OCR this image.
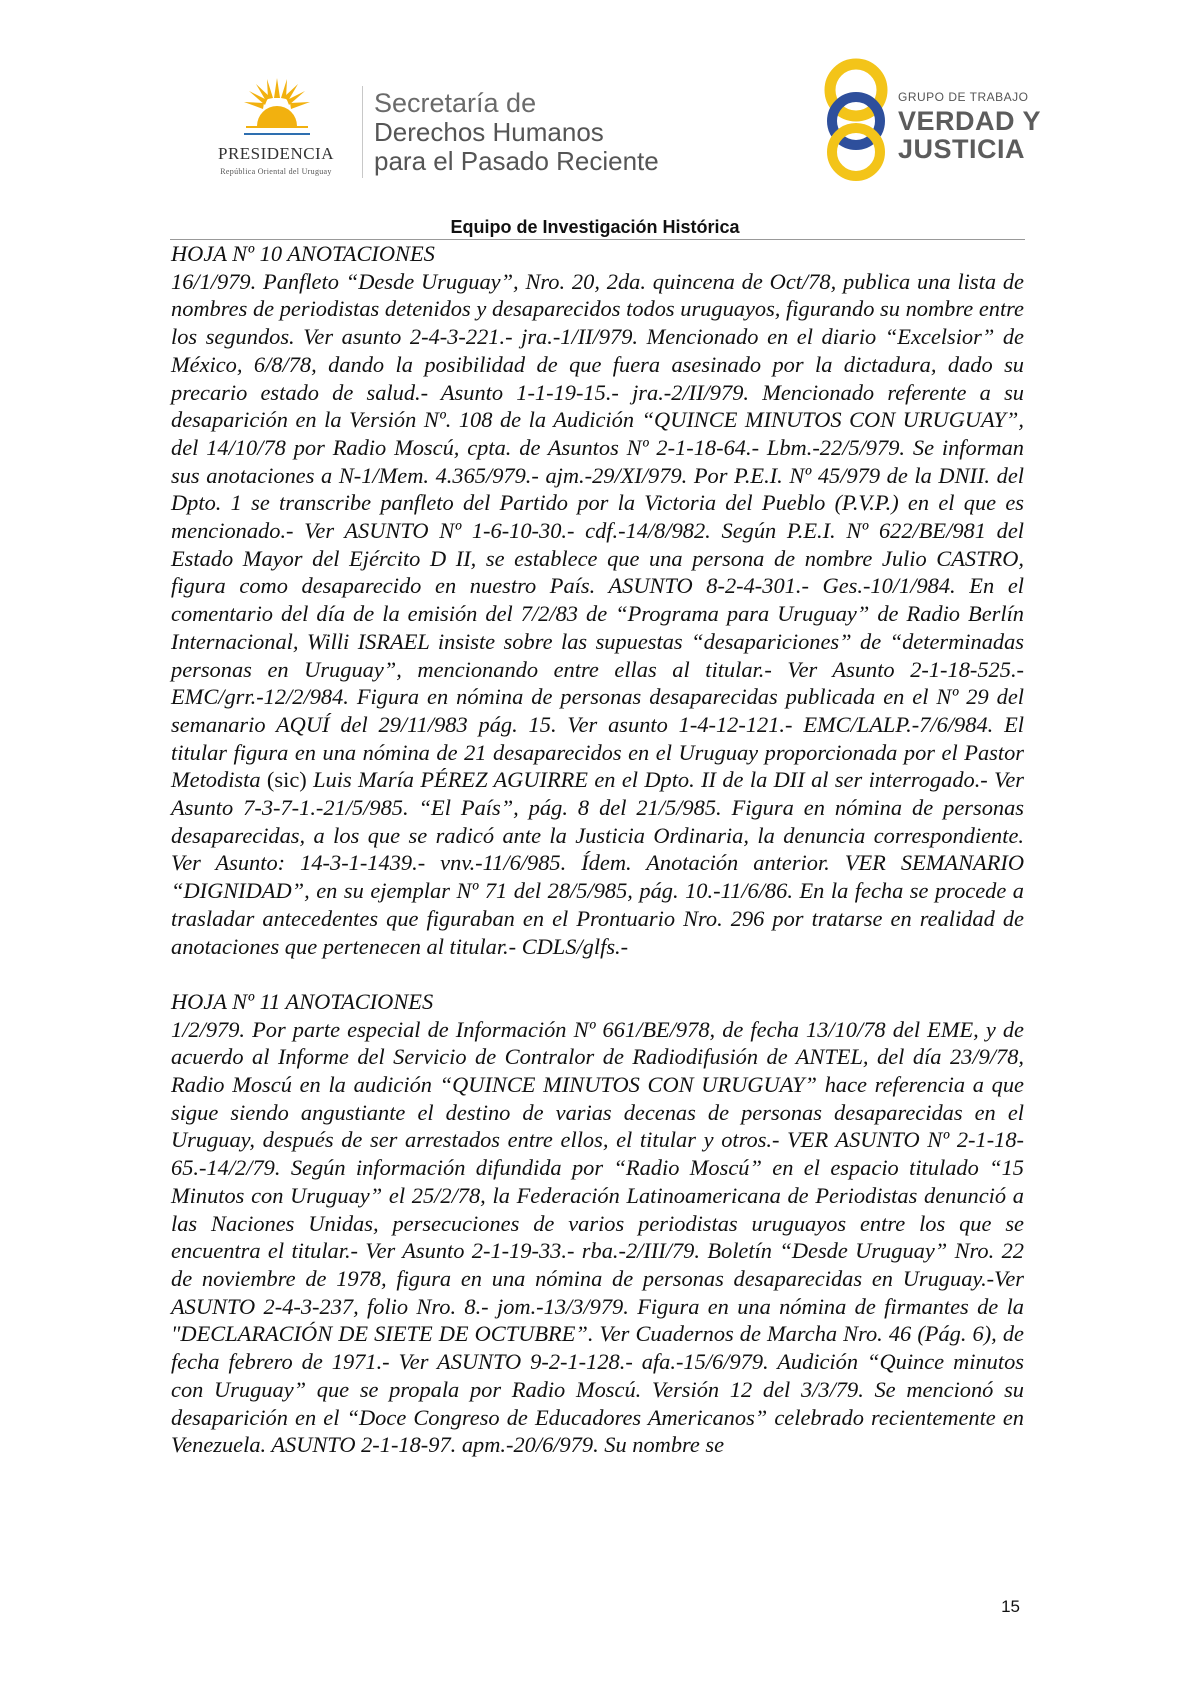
PRESIDENCIA
República Oriental del Uruguay
Secretaría de
Derechos Humanos
para el Pasado Reciente
GRUPO DE TRABAJO
VERDAD Y
JUSTICIA
Equipo de Investigación Histórica

HOJA Nº 10 ANOTACIONES

16/1/979. Panfleto “Desde Uruguay”, Nro. 20, 2da. quincena de Oct/78, publica una lista de nombres de periodistas detenidos y desaparecidos todos uruguayos, figurando su nombre entre los segundos. Ver asunto 2-4-3-221.- jra.-1/II/979. Mencionado en el diario “Excelsior” de México, 6/8/78, dando la posibilidad de que fuera asesinado por la dictadura, dado su precario estado de salud.- Asunto 1-1-19-15.- jra.-2/II/979. Mencionado referente a su desaparición en la Versión Nº. 108 de la Audición “QUINCE MINUTOS CON URUGUAY”, del 14/10/78 por Radio Moscú, cpta. de Asuntos Nº 2-1-18-64.- Lbm.-22/5/979. Se informan sus anotaciones a N-1/Mem. 4.365/979.- ajm.-29/XI/979. Por P.E.I. Nº 45/979 de la DNII. del Dpto. 1 se transcribe panfleto del Partido por la Victoria del Pueblo (P.V.P.) en el que es mencionado.- Ver ASUNTO Nº 1-6-10-30.- cdf.-14/8/982. Según P.E.I. Nº 622/BE/981 del Estado Mayor del Ejército D II, se establece que una persona de nombre Julio CASTRO, figura como desaparecido en nuestro País. ASUNTO 8-2-4-301.- Ges.-10/1/984. En el comentario del día de la emisión del 7/2/83 de “Programa para Uruguay” de Radio Berlín Internacional, Willi ISRAEL insiste sobre las supuestas “desapariciones” de “determinadas personas en Uruguay”, mencionando entre ellas al titular.- Ver Asunto 2-1-18-525.- EMC/grr.-12/2/984. Figura en nómina de personas desaparecidas publicada en el Nº 29 del semanario AQUÍ del 29/11/983 pág. 15. Ver asunto 1-4-12-121.- EMC/LALP.-7/6/984. El titular figura en una nómina de 21 desaparecidos en el Uruguay proporcionada por el Pastor Metodista (sic) Luis María PÉREZ AGUIRRE en el Dpto. II de la DII al ser interrogado.- Ver Asunto 7-3-7-1.-21/5/985. “El País”, pág. 8 del 21/5/985. Figura en nómina de personas desaparecidas, a los que se radicó ante la Justicia Ordinaria, la denuncia correspondiente. Ver Asunto: 14-3-1-1439.- vnv.-11/6/985. Ídem. Anotación anterior. VER SEMANARIO “DIGNIDAD”, en su ejemplar Nº 71 del 28/5/985, pág. 10.-11/6/86. En la fecha se procede a trasladar antecedentes que figuraban en el Prontuario Nro. 296 por tratarse en realidad de anotaciones que pertenecen al titular.- CDLS/glfs.-

HOJA Nº 11 ANOTACIONES

1/2/979. Por parte especial de Información Nº 661/BE/978, de fecha 13/10/78 del EME, y de acuerdo al Informe del Servicio de Contralor de Radiodifusión de ANTEL, del día 23/9/78, Radio Moscú en la audición “QUINCE MINUTOS CON URUGUAY” hace referencia a que sigue siendo angustiante el destino de varias decenas de personas desaparecidas en el Uruguay, después de ser arrestados entre ellos, el titular y otros.- VER ASUNTO Nº 2-1-18-65.-14/2/79. Según información difundida por “Radio Moscú” en el espacio titulado “15 Minutos con Uruguay” el 25/2/78, la Federación Latinoamericana de Periodistas denunció a las Naciones Unidas, persecuciones de varios periodistas uruguayos entre los que se encuentra el titular.- Ver Asunto 2-1-19-33.- rba.-2/III/79. Boletín “Desde Uruguay” Nro. 22 de noviembre de 1978, figura en una nómina de personas desaparecidas en Uruguay.-Ver ASUNTO 2-4-3-237, folio Nro. 8.- jom.-13/3/979. Figura en una nómina de firmantes de la "DECLARACIÓN DE SIETE DE OCTUBRE”. Ver Cuadernos de Marcha Nro. 46 (Pág. 6), de fecha febrero de 1971.- Ver ASUNTO 9-2-1-128.- afa.-15/6/979. Audición “Quince minutos con Uruguay” que se propala por Radio Moscú. Versión 12 del 3/3/79. Se mencionó su desaparición en el “Doce Congreso de Educadores Americanos” celebrado recientemente en Venezuela. ASUNTO 2-1-18-97. apm.-20/6/979. Su nombre se

15
